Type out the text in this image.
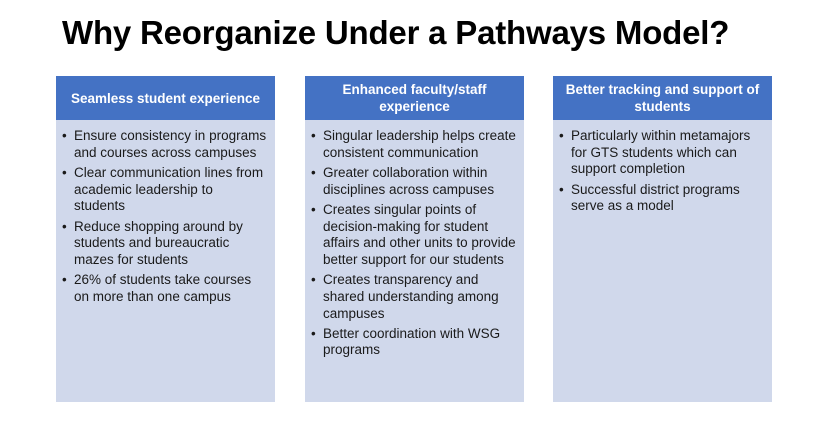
Why Reorganize Under a Pathways Model?
Seamless student experience
• Ensure consistency in programs and courses across campuses
• Clear communication lines from academic leadership to students
• Reduce shopping around by students and bureaucratic mazes for students
• 26% of students take courses on more than one campus
Enhanced faculty/staff experience
• Singular leadership helps create consistent communication
• Greater collaboration within disciplines across campuses
• Creates singular points of decision-making for student affairs and other units to provide better support for our students
• Creates transparency and shared understanding among campuses
• Better coordination with WSG programs
Better tracking and support of students
• Particularly within metamajors for GTS students which can support completion
• Successful district programs serve as a model
